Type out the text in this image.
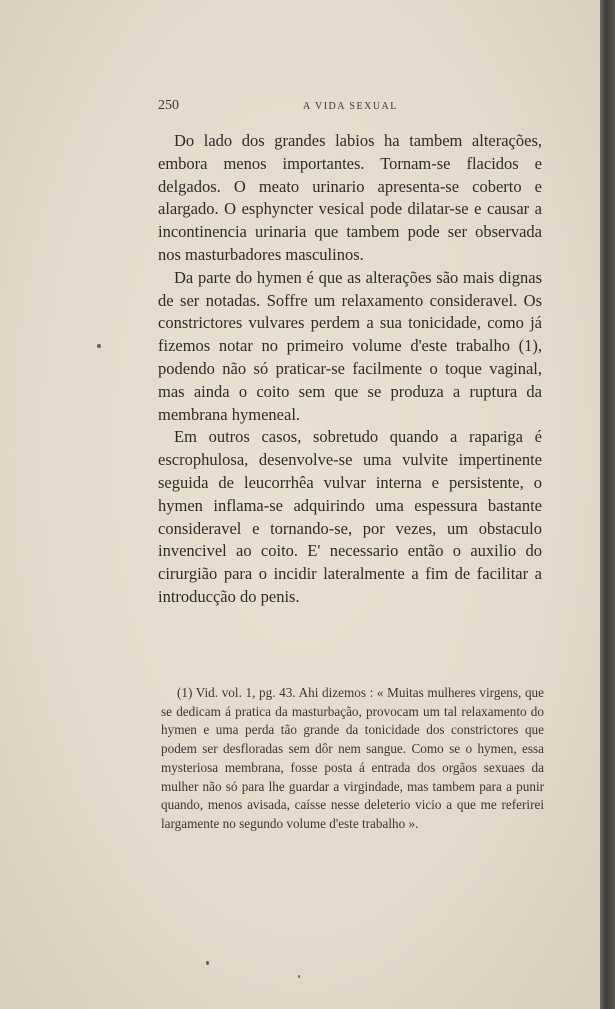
250	A VIDA SEXUAL

Do lado dos grandes labios ha tambem alterações, embora menos importantes. Tornam-se flacidos e delgados. O meato urinario apresenta-se coberto e alargado. O esphyncter vesical pode dilatar-se e causar a incontinencia urinaria que tambem pode ser observada nos masturbadores masculinos.

Da parte do hymen é que as alterações são mais dignas de ser notadas. Soffre um relaxamento consideravel. Os constrictores vulvares perdem a sua tonicidade, como já fizemos notar no primeiro volume d'este trabalho (1), podendo não só praticar-se facilmente o toque vaginal, mas ainda o coito sem que se produza a ruptura da membrana hymeneal.

Em outros casos, sobretudo quando a rapariga é escrophulosa, desenvolve-se uma vulvite impertinente seguida de leucorrhêa vulvar interna e persistente, o hymen inflama-se adquirindo uma espessura bastante consideravel e tornando-se, por vezes, um obstaculo invencivel ao coito. E' necessario então o auxilio do cirurgião para o incidir lateralmente a fim de facilitar a introducção do penis.

(1) Vid. vol. 1, pg. 43. Ahi dizemos : « Muitas mulheres virgens, que se dedicam á pratica da masturbação, provocam um tal relaxamento do hymen e uma perda tão grande da tonicidade dos constrictores que podem ser desfloradas sem dôr nem sangue. Como se o hymen, essa mysteriosa membrana, fosse posta á entrada dos orgãos sexuaes da mulher não só para lhe guardar a virgindade, mas tambem para a punir quando, menos avisada, caísse nesse deleterio vicio a que me referirei largamente no segundo volume d'este trabalho ».
